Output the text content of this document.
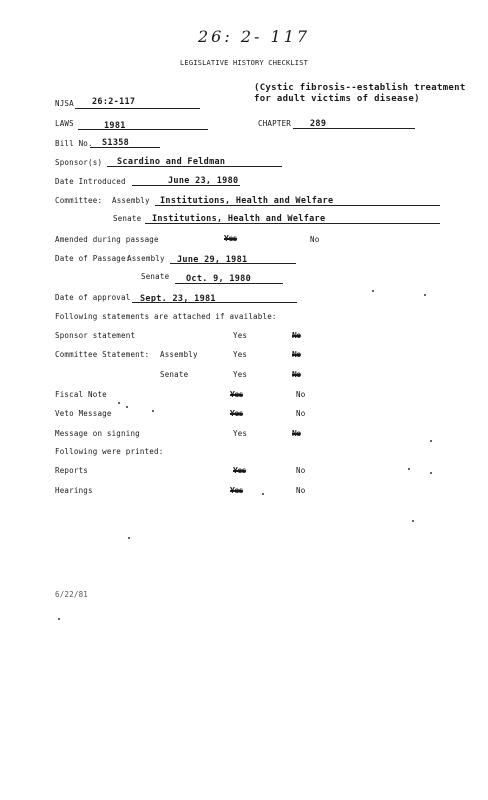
26: 2- 117
LEGISLATIVE HISTORY CHECKLIST
(Cystic fibrosis--establish treatment
for adult victims of disease)
NJSA 26:2-117
LAWS	1981	CHAPTER 289
Bill No. S1358
Sponsor(s) Scardino and Feldman
Date Introduced	June 23, 1980
Committee: Assembly Institutions, Health and Welfare
Senate Institutions, Health and Welfare
Amended during passage	Yes	No
Date of Passage:
Assembly June 29, 1981
Senate Oct. 9, 1980
Date of approval Sept. 23, 1981
Following statements are attached if available:
Sponsor statement	Yes	No
Committee Statement: Assembly	Yes	No
Senate	Yes	No
Fiscal Note	Yes	No
Veto Message	Yes	No
Message on signing	Yes	No
Following were printed:
Reports	Yes	No
Hearings	Yes	No
6/22/81
